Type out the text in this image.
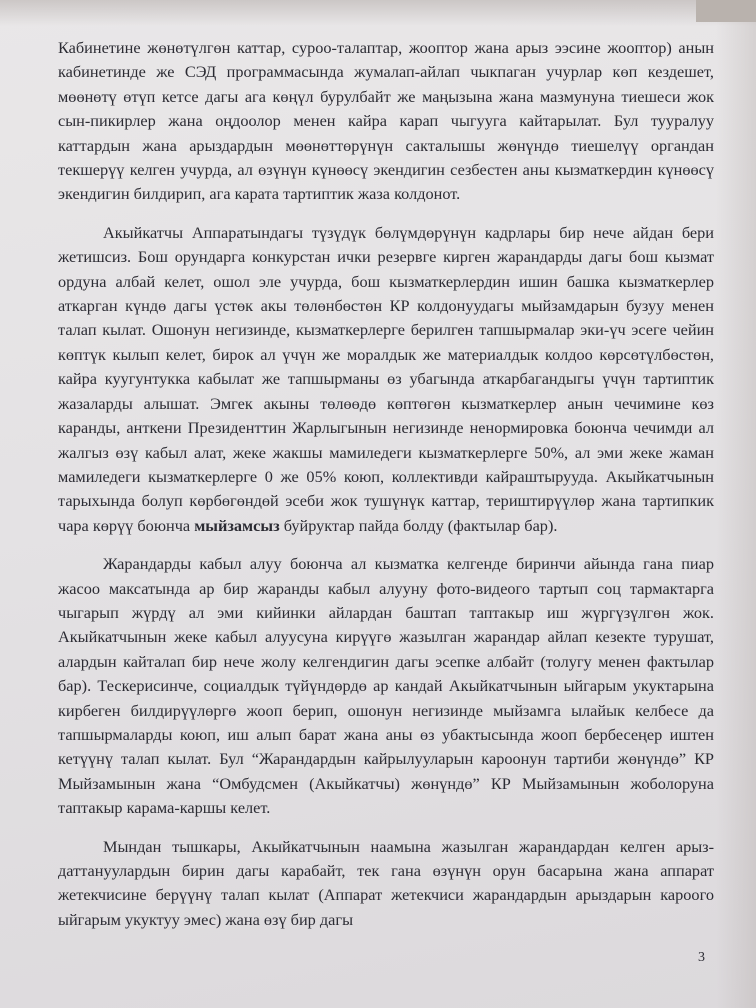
Кабинетине жөнөтүлгөн каттар, суроо-талаптар, жооптор жана арыз ээсине жооптор) анын кабинетинде же СЭД программасында жумалап-айлап чыкпаган учурлар көп кездешет, мөөнөтү өтүп кетсе дагы ага көңүл бурулбайт же маңызына жана мазмунуна тиешеси жок сын-пикирлер жана оңдоолор менен кайра карап чыгууга кайтарылат. Бул тууралуу каттардын жана арыздардын мөөнөттөрүнүн сакталышы жөнүндө тиешелүү органдан текшерүү келген учурда, ал өзүнүн күнөөсү экендигин сезбестен аны кызматкердин күнөөсү экендигин билдирип, ага карата тартиптик жаза колдонот.

Акыйкатчы Аппаратындагы түзүдүк бөлүмдөрүнүн кадрлары бир нече айдан бери жетишсиз. Бош орундарга конкурстан ички резервге кирген жарандарды дагы бош кызмат ордуна албай келет, ошол эле учурда, бош кызматкерлердин ишин башка кызматкерлер аткарган күндө дагы үстөк акы төлөнбөстөн КР колдонуудагы мыйзамдарын бузуу менен талап кылат. Ошонун негизинде, кызматкерлерге берилген тапшырмалар эки-үч эсеге чейин көптүк кылып келет, бирок ал үчүн же моралдык же материалдык колдоо көрсөтүлбөстөн, кайра куугунтукка кабылат же тапшырманы өз убагында аткарбагандыгы үчүн тартиптик жазаларды алышат. Эмгек акыны төлөөдө көптөгөн кызматкерлер анын чечимине көз каранды, анткени Президенттин Жарлыгынын негизинде ненормировка боюнча чечимди ал жалгыз өзү кабыл алат, жеке жакшы мамиледеги кызматкерлерге 50%, ал эми жеке жаман мамиледеги кызматкерлерге 0 же 05% коюп, коллективди кайраштырууда. Акыйкатчынын тарыхында болуп көрбөгөндөй эсеби жок тушүнүк каттар, териштирүүлөр жана тартипкик чара көрүү боюнча мыйзамсыз буйруктар пайда болду (фактылар бар).

Жарандарды кабыл алуу боюнча ал кызматка келгенде биринчи айында гана пиар жасоо максатында ар бир жаранды кабыл алууну фото-видеого тартып соц тармактарга чыгарып жүрдү ал эми кийинки айлардан баштап таптакыр иш жүргүзүлгөн жок. Акыйкатчынын жеке кабыл алуусуна кирүүгө жазылган жарандар айлап кезекте турушат, алардын кайталап бир нече жолу келгендигин дагы эсепке албайт (толугу менен фактылар бар). Тескерисинче, социалдык түйүндөрдө ар кандай Акыйкатчынын ыйгарым укуктарына кирбеген билдирүүлөргө жооп берип, ошонун негизинде мыйзамга ылайык келбесе да тапшырмаларды коюп, иш алып барат жана аны өз убактысында жооп бербесеңер иштен кетүүнү талап кылат. Бул “Жарандардын кайрылууларын кароонун тартиби жөнүндө” КР Мыйзамынын жана “Омбудсмен (Акыйкатчы) жөнүндө” КР Мыйзамынын жоболоруна таптакыр карама-каршы келет.

Мындан тышкары, Акыйкатчынын наамына жазылган жарандардан келген арыз-даттануулардын бирин дагы карабайт, тек гана өзүнүн орун басарына жана аппарат жетекчисине берүүнү талап кылат (Аппарат жетекчиси жарандардын арыздарын кароого ыйгарым укуктуу эмес) жана өзү бир дагы

3
